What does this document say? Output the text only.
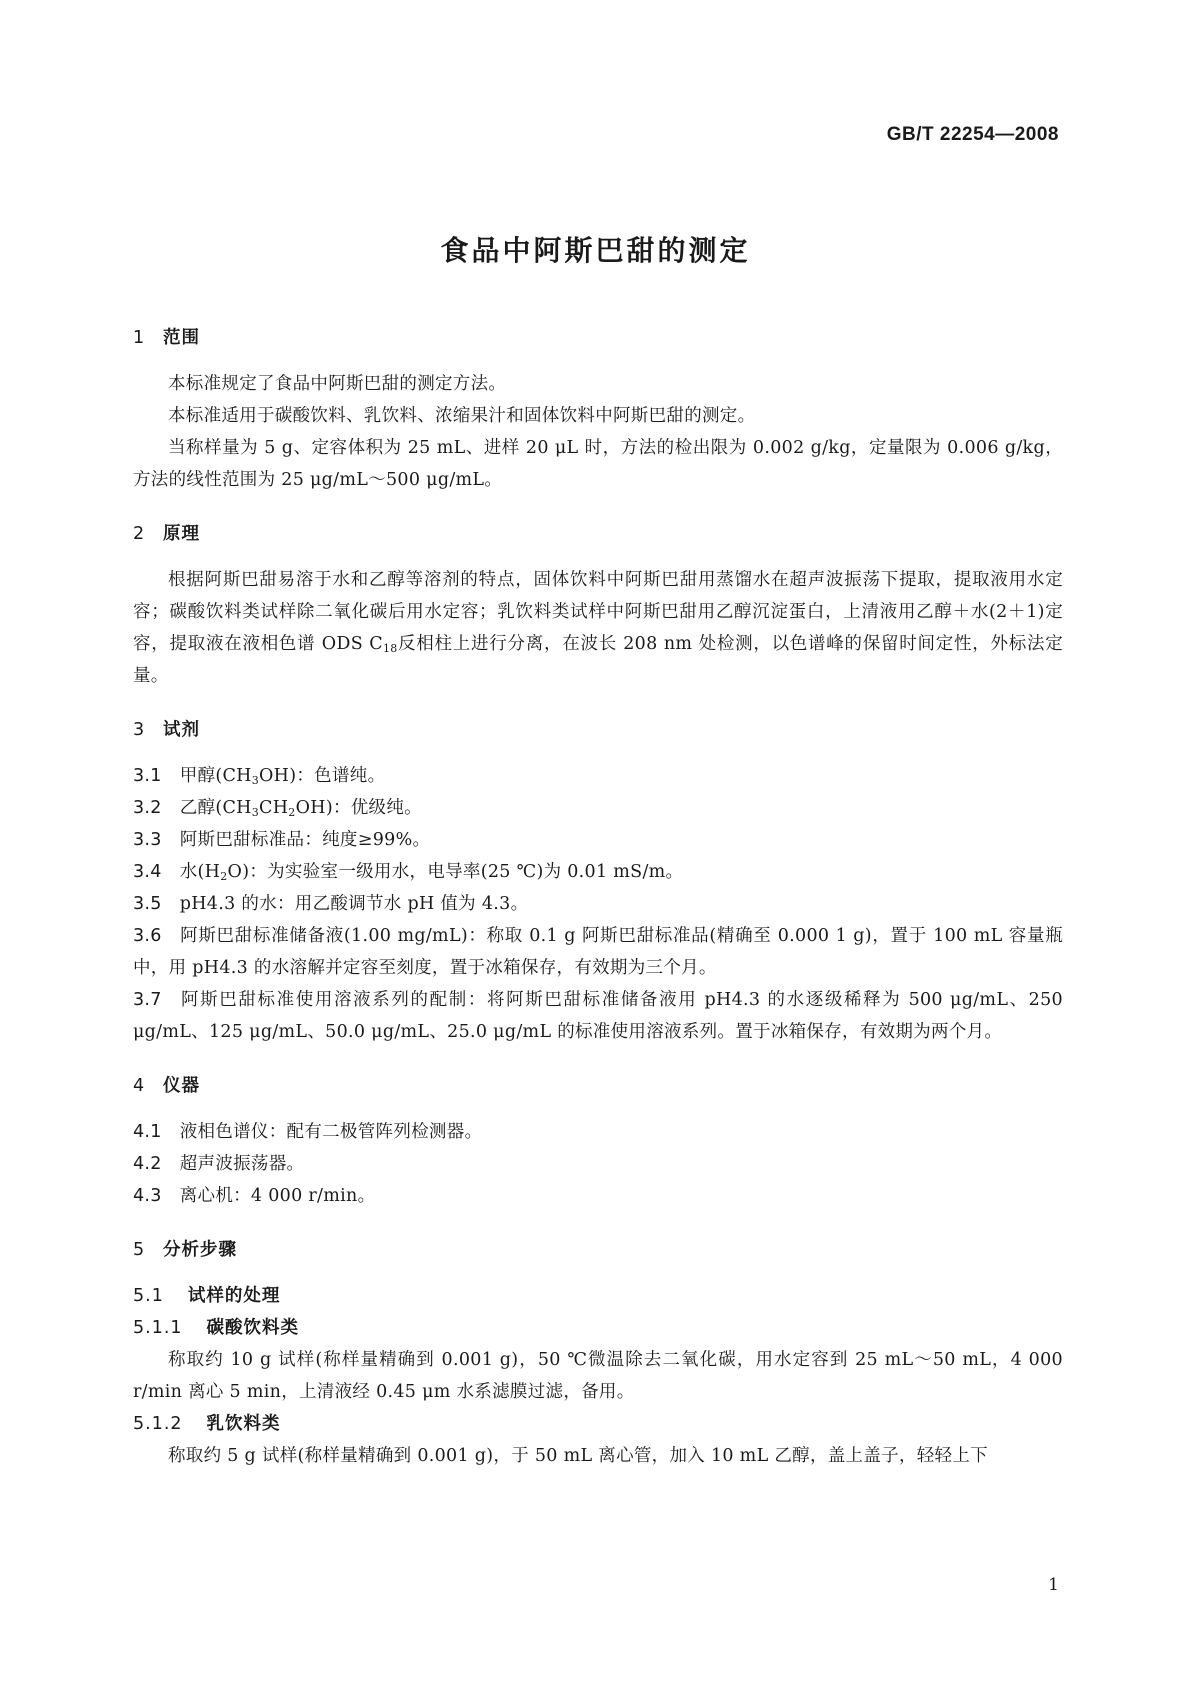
GB/T 22254—2008
食品中阿斯巴甜的测定
1 范围
本标准规定了食品中阿斯巴甜的测定方法。
本标准适用于碳酸饮料、乳饮料、浓缩果汁和固体饮料中阿斯巴甜的测定。
当称样量为 5 g、定容体积为 25 mL、进样 20 μL 时，方法的检出限为 0.002 g/kg，定量限为 0.006 g/kg，方法的线性范围为 25 μg/mL～500 μg/mL。
2 原理
根据阿斯巴甜易溶于水和乙醇等溶剂的特点，固体饮料中阿斯巴甜用蒸馏水在超声波振荡下提取，提取液用水定容；碳酸饮料类试样除二氧化碳后用水定容；乳饮料类试样中阿斯巴甜用乙醇沉淀蛋白，上清液用乙醇＋水(2＋1)定容，提取液在液相色谱 ODS $C_{18}$反相柱上进行分离，在波长 208 nm 处检测，以色谱峰的保留时间定性，外标法定量。
3 试剂
3.1 甲醇$(CH_3OH)$：色谱纯。
3.2 乙醇$(CH_3CH_2OH)$：优级纯。
3.3 阿斯巴甜标准品：纯度≥99%。
3.4 水$(H_2O)$：为实验室一级用水，电导率(25 ℃)为 0.01 mS/m。
3.5 pH4.3 的水：用乙酸调节水 pH 值为 4.3。
3.6 阿斯巴甜标准储备液(1.00 mg/mL)：称取 0.1 g 阿斯巴甜标准品(精确至 0.000 1 g)，置于 100 mL 容量瓶中，用 pH4.3 的水溶解并定容至刻度，置于冰箱保存，有效期为三个月。
3.7 阿斯巴甜标准使用溶液系列的配制：将阿斯巴甜标准储备液用 pH4.3 的水逐级稀释为 500 μg/mL、250 μg/mL、125 μg/mL、50.0 μg/mL、25.0 μg/mL 的标准使用溶液系列。置于冰箱保存，有效期为两个月。
4 仪器
4.1 液相色谱仪：配有二极管阵列检测器。
4.2 超声波振荡器。
4.3 离心机：4 000 r/min。
5 分析步骤
5.1 试样的处理
5.1.1 碳酸饮料类
称取约 10 g 试样(称样量精确到 0.001 g)，50 ℃微温除去二氧化碳，用水定容到 25 mL～50 mL，4 000 r/min 离心 5 min，上清液经 0.45 μm 水系滤膜过滤，备用。
5.1.2 乳饮料类
称取约 5 g 试样(称样量精确到 0.001 g)，于 50 mL 离心管，加入 10 mL 乙醇，盖上盖子，轻轻上下
1
